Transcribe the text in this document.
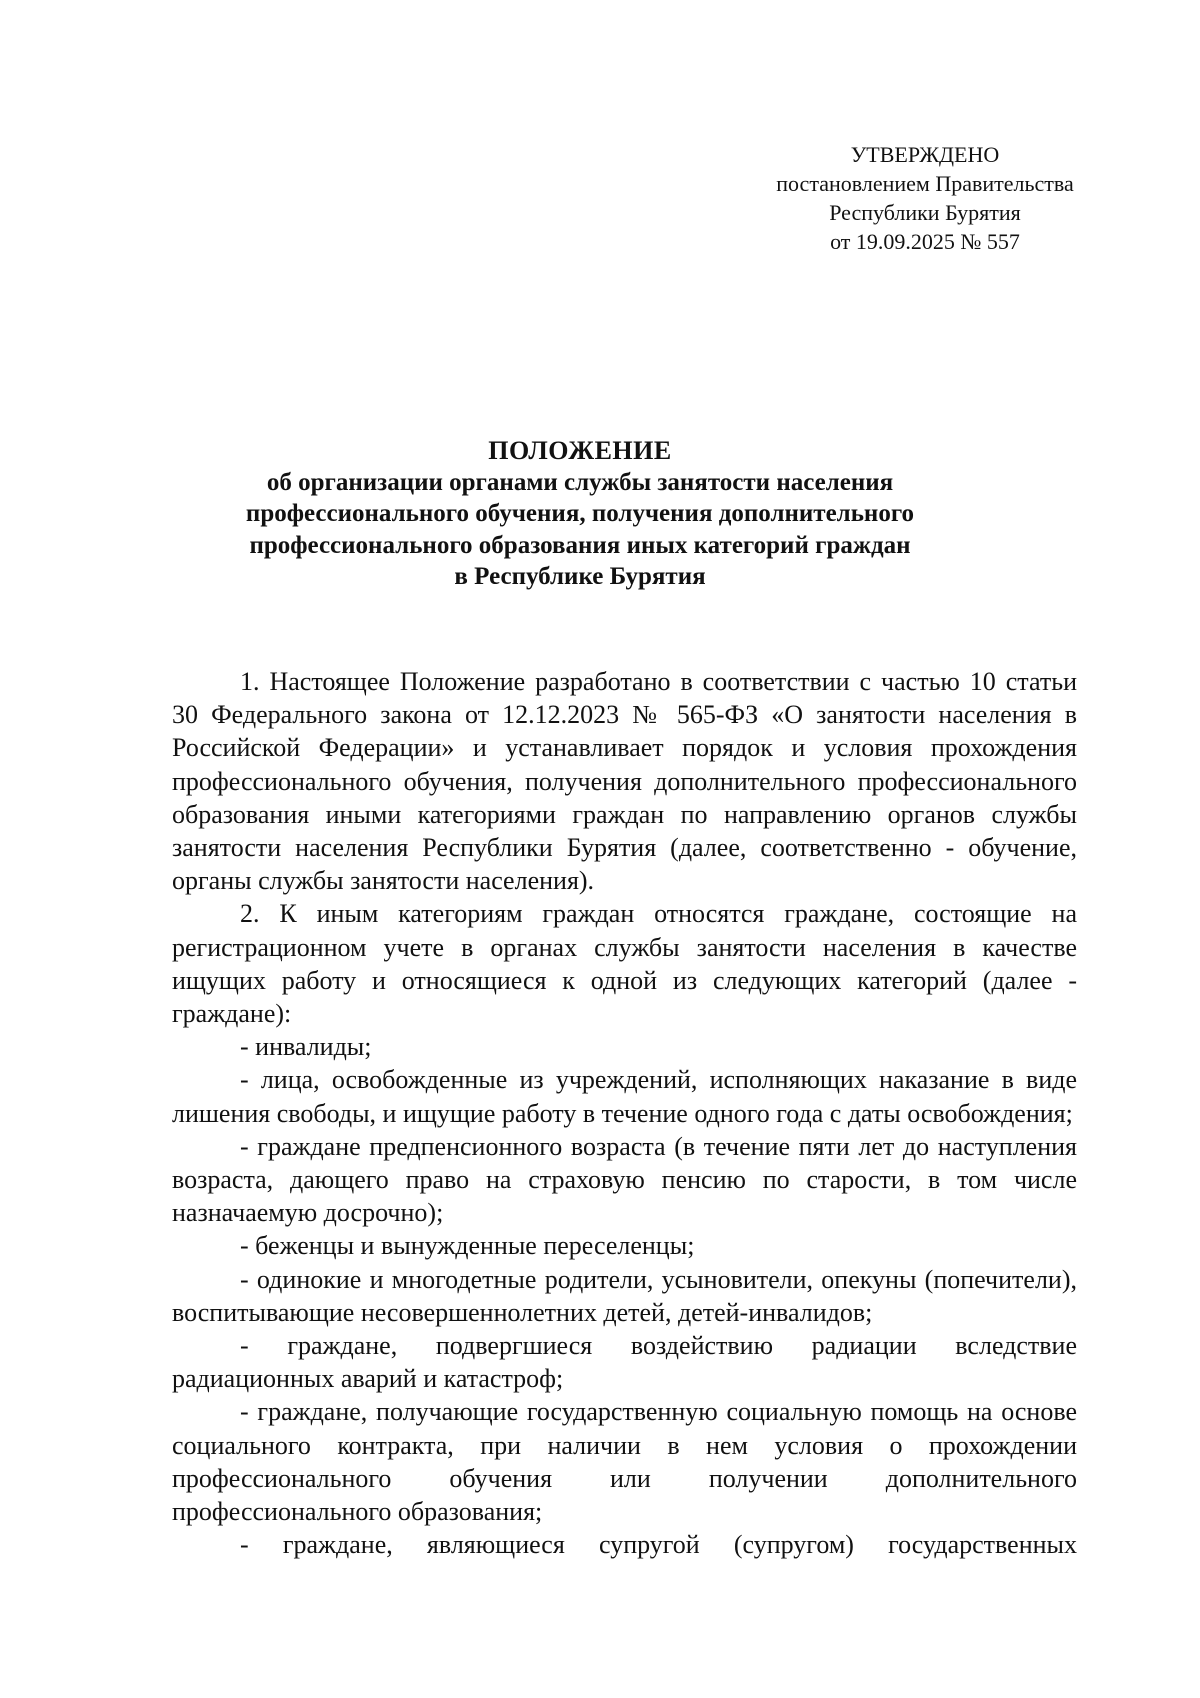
УТВЕРЖДЕНО
постановлением Правительства
Республики Бурятия
от 19.09.2025 № 557
ПОЛОЖЕНИЕ
об организации органами службы занятости населения
профессионального обучения, получения дополнительного
профессионального образования иных категорий граждан
в Республике Бурятия

1. Настоящее Положение разработано в соответствии с частью 10 статьи 30 Федерального закона от 12.12.2023 № 565-ФЗ «О занятости населения в Российской Федерации» и устанавливает порядок и условия прохождения профессионального обучения, получения дополнительного профессионального образования иными категориями граждан по направлению органов службы занятости населения Республики Бурятия (далее, соответственно - обучение, органы службы занятости населения).

2. К иным категориям граждан относятся граждане, состоящие на регистрационном учете в органах службы занятости населения в качестве ищущих работу и относящиеся к одной из следующих категорий (далее - граждане):

- инвалиды;

- лица, освобожденные из учреждений, исполняющих наказание в виде лишения свободы, и ищущие работу в течение одного года с даты освобождения;

- граждане предпенсионного возраста (в течение пяти лет до наступления возраста, дающего право на страховую пенсию по старости, в том числе назначаемую досрочно);

- беженцы и вынужденные переселенцы;

- одинокие и многодетные родители, усыновители, опекуны (попечители), воспитывающие несовершеннолетних детей, детей-инвалидов;

- граждане, подвергшиеся воздействию радиации вследствие радиационных аварий и катастроф;

- граждане, получающие государственную социальную помощь на основе социального контракта, при наличии в нем условия о прохождении профессионального обучения или получении дополнительного профессионального образования;

- граждане, являющиеся супругой (супругом) государственных
